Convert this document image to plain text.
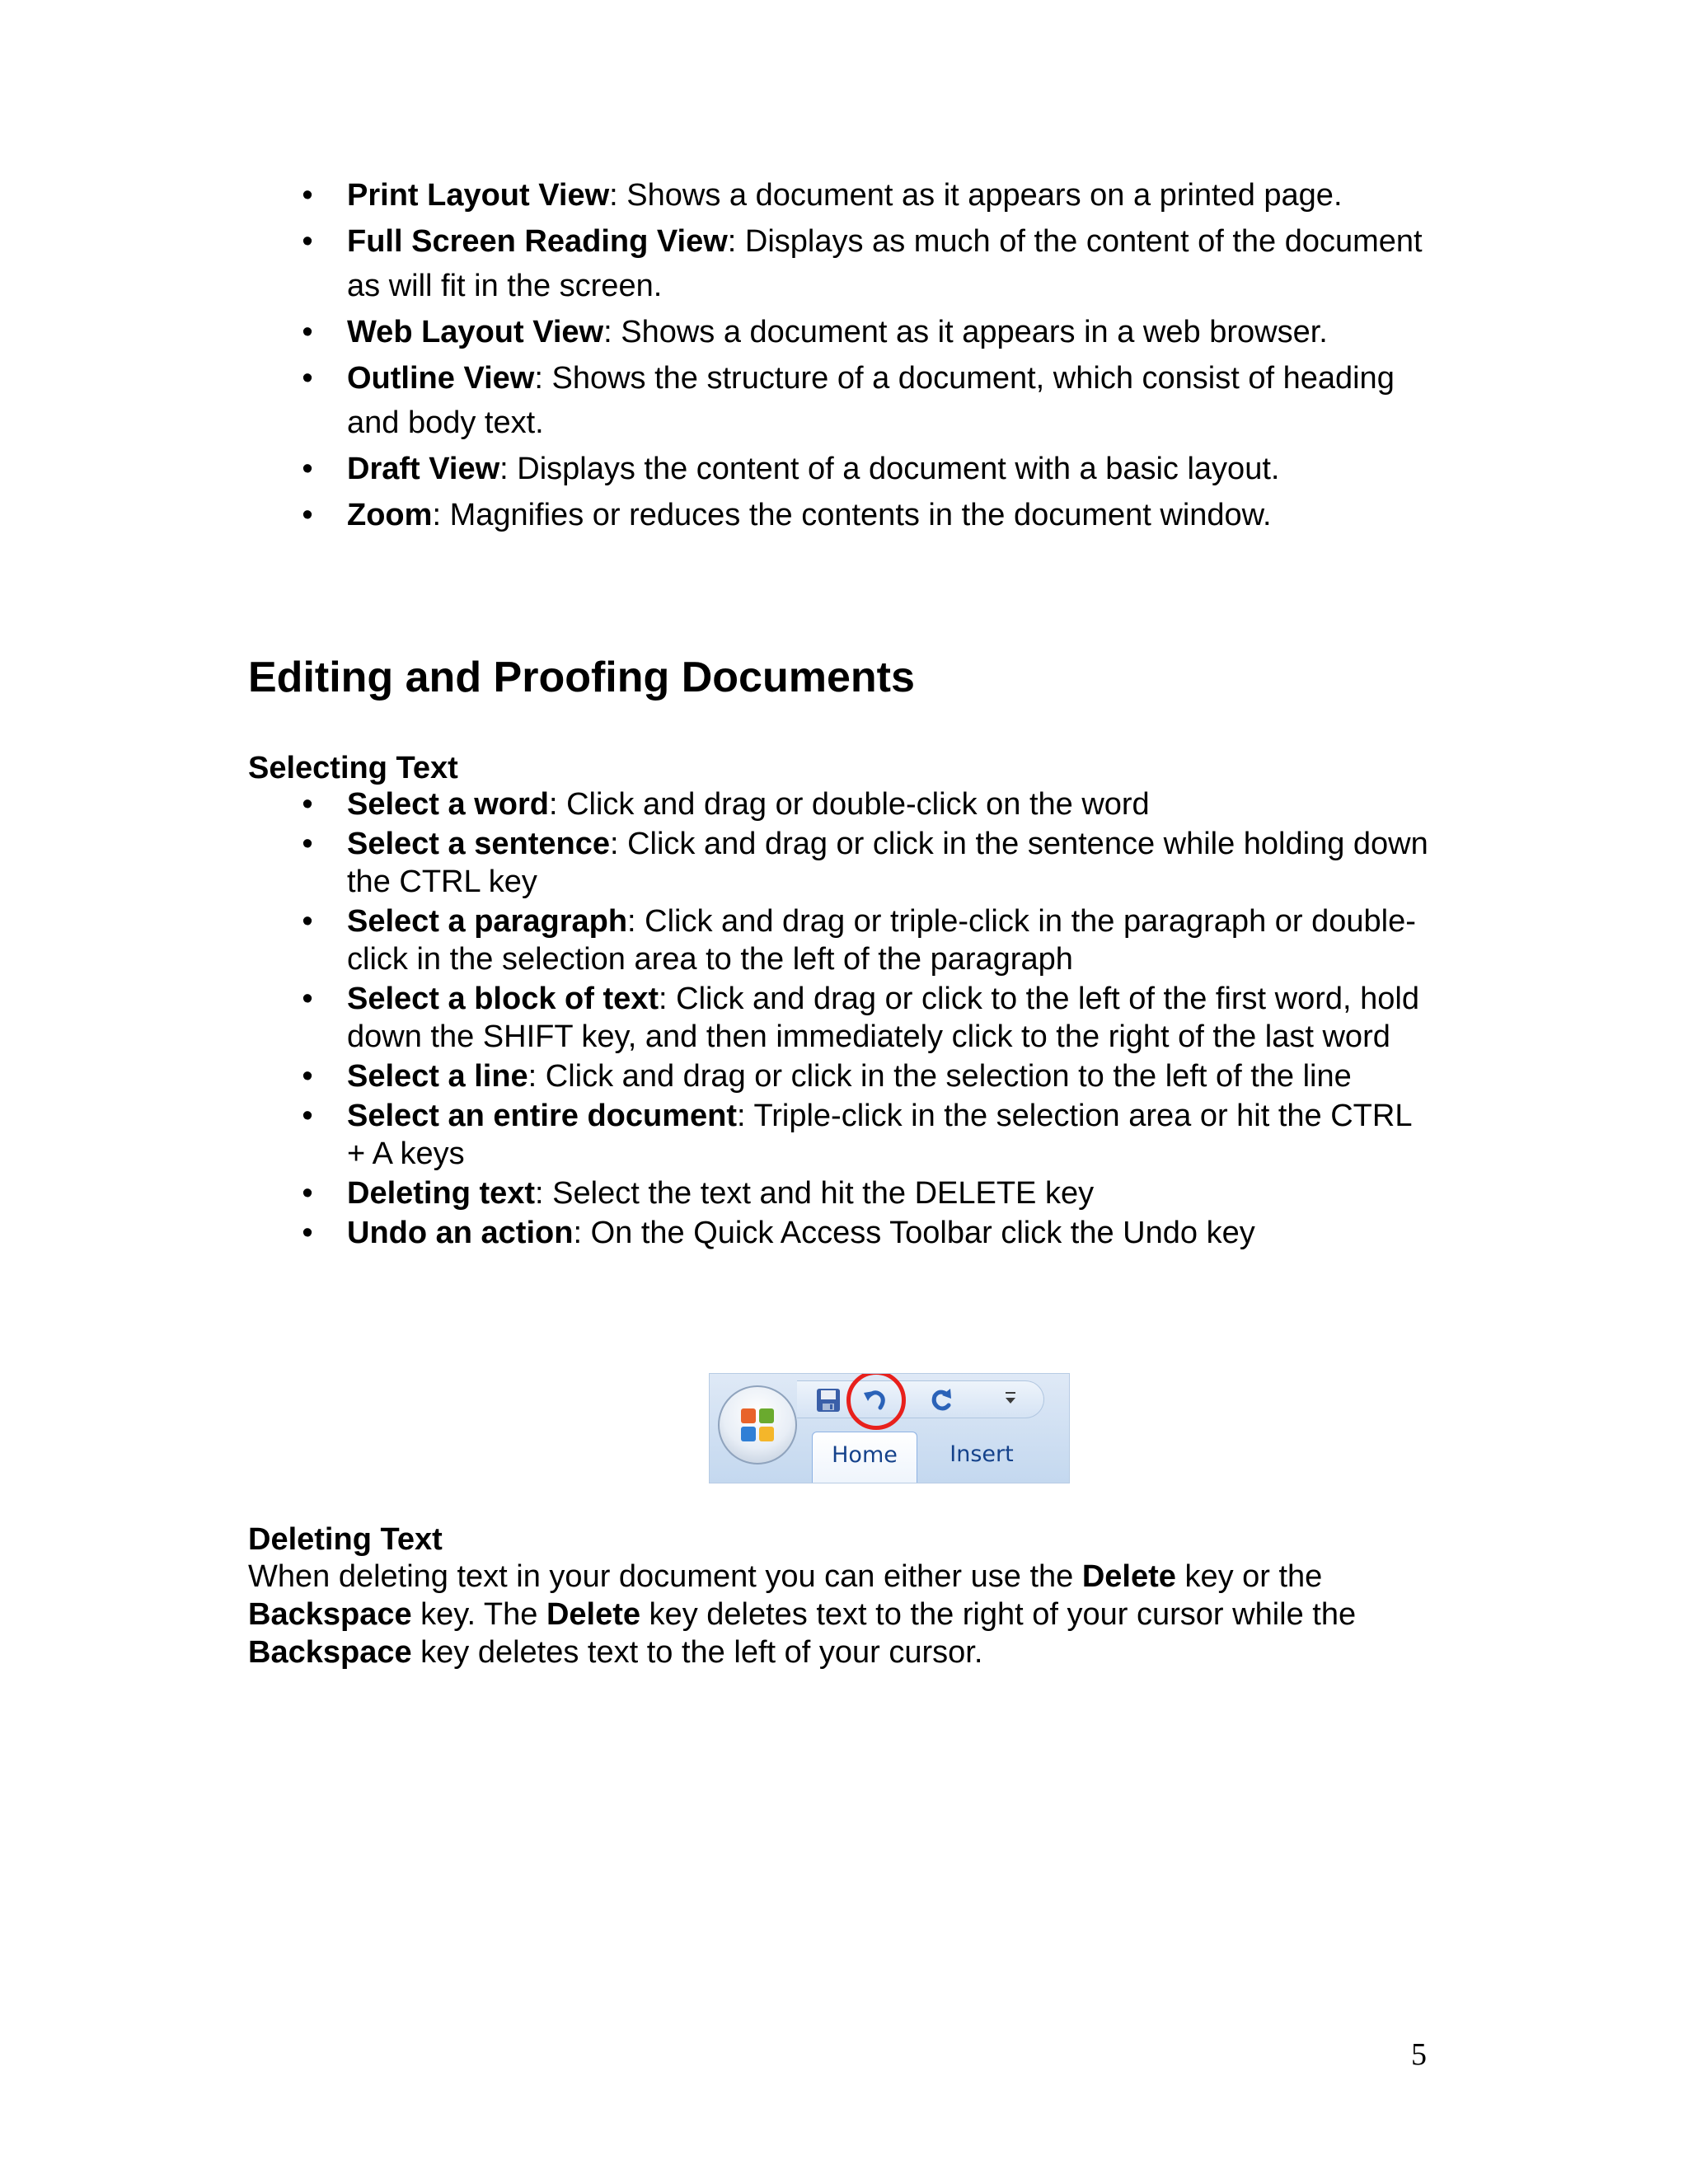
• Print Layout View: Shows a document as it appears on a printed page.
• Full Screen Reading View: Displays as much of the content of the document as will fit in the screen.
• Web Layout View: Shows a document as it appears in a web browser.
• Outline View: Shows the structure of a document, which consist of heading and body text.
• Draft View: Displays the content of a document with a basic layout.
• Zoom: Magnifies or reduces the contents in the document window.
Editing and Proofing Documents
Selecting Text
• Select a word: Click and drag or double-click on the word
• Select a sentence: Click and drag or click in the sentence while holding down the CTRL key
• Select a paragraph: Click and drag or triple-click in the paragraph or double-click in the selection area to the left of the paragraph
• Select a block of text: Click and drag or click to the left of the first word, hold down the SHIFT key, and then immediately click to the right of the last word
• Select a line: Click and drag or click in the selection to the left of the line
• Select an entire document: Triple-click in the selection area or hit the CTRL + A keys
• Deleting text: Select the text and hit the DELETE key
• Undo an action: On the Quick Access Toolbar click the Undo key
Home	Insert
Deleting Text

When deleting text in your document you can either use the Delete key or the Backspace key. The Delete key deletes text to the right of your cursor while the Backspace key deletes text to the left of your cursor.

5
